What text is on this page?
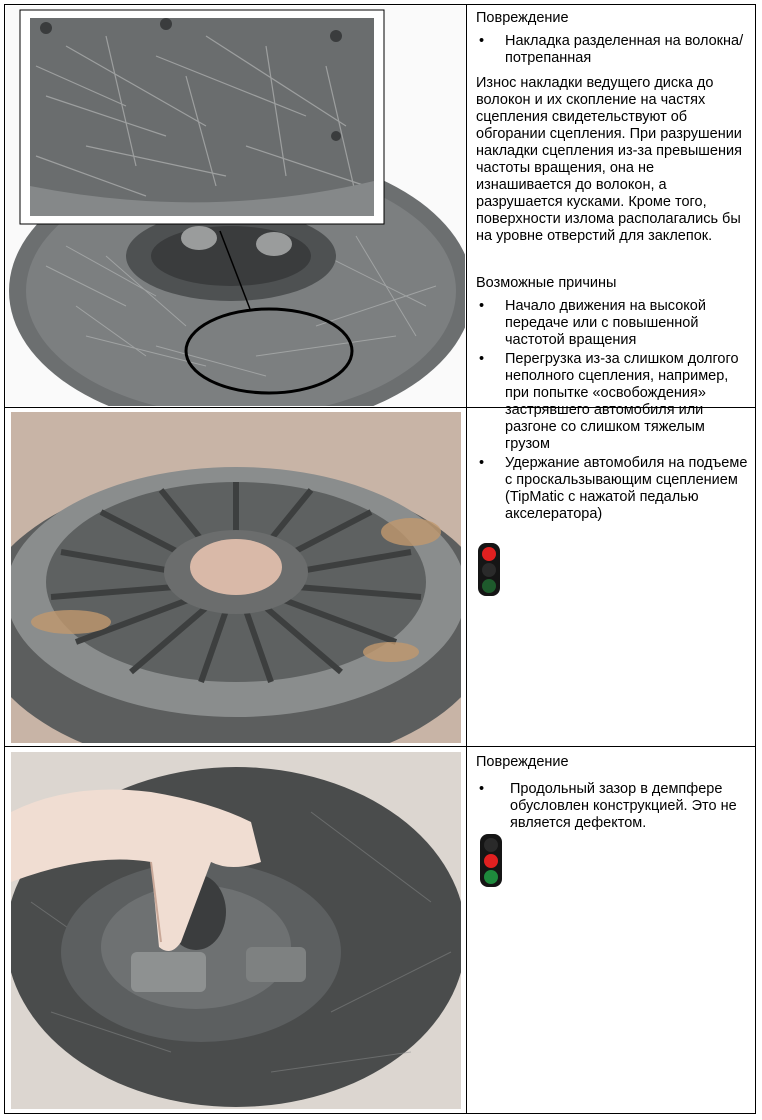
Повреждение
• Накладка разделенная на волокна/потрепанная

Износ накладки ведущего диска до волокон и их скопление на частях сцепления свидетельствуют об обгорании сцепления. При разрушении накладки сцепления из-за превышения частоты вращения, она не изнашивается до волокон, а разрушается кусками. Кроме того, поверхности излома располагались бы на уровне отверстий для заклепок.

Возможные причины

• Начало движения на высокой передаче или с повышенной частотой вращения
• Перегрузка из-за слишком долгого неполного сцепления, например, при попытке «освобождения» застрявшего автомобиля или разгоне со слишком тяжелым грузом
• Удержание автомобиля на подъеме с проскальзывающим сцеплением (TipMatic с нажатой педалью акселератора)
Повреждение
• Продольный зазор в демпфере обусловлен конструкцией. Это не является дефектом.
